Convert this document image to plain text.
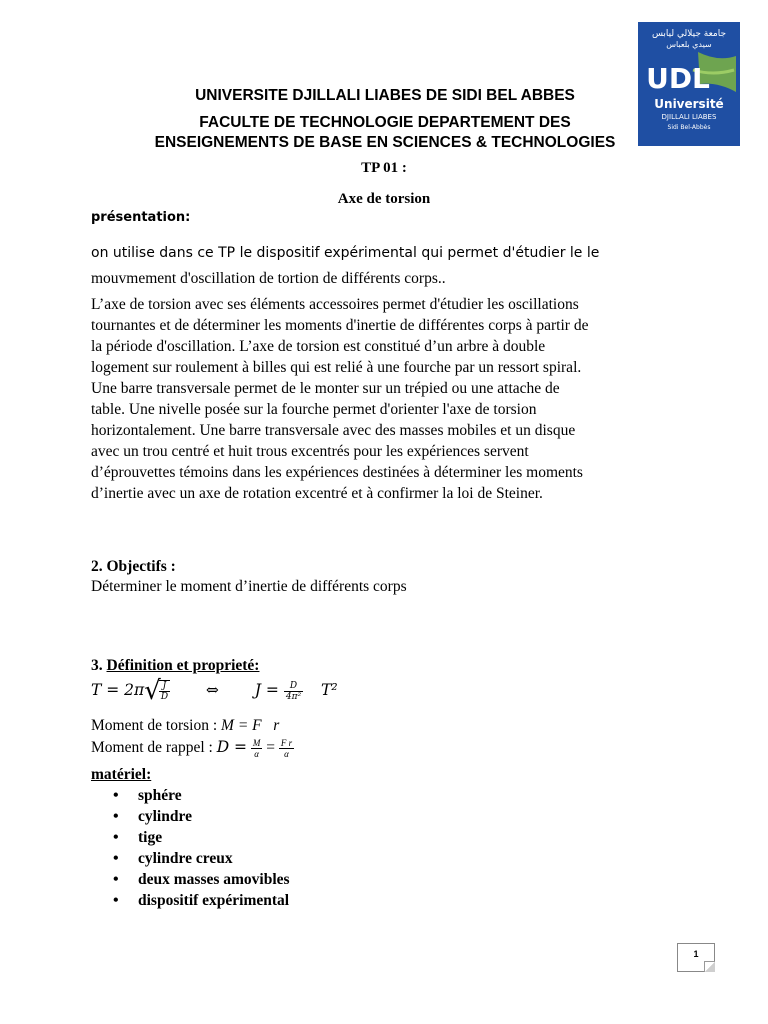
UNIVERSITE DJILLALI LIABES DE SIDI BEL ABBES
FACULTE DE TECHNOLOGIE DEPARTEMENT DES
ENSEIGNEMENTS DE BASE EN SCIENCES & TECHNOLOGIES
جامعة جيلالي ليابس
سيدي بلعباس
UDL
Université
DJILLALI LIABES
Sidi Bel-Abbès
TP 01 :
Axe de torsion
présentation:
on utilise dans ce TP le dispositif expérimental qui permet d'étudier le le
mouvmement d'oscillation de tortion de différents corps..
L’axe de torsion avec ses éléments accessoires permet d'étudier les oscillations
tournantes et de déterminer les moments d'inertie de différentes corps à partir de
la période d'oscillation. L’axe de torsion est constitué d’un arbre à double
logement sur roulement à billes qui est relié à une fourche par un ressort spiral.
Une barre transversale permet de le monter sur un trépied ou une attache de
table. Une nivelle posée sur la fourche permet d'orienter l'axe de torsion
horizontalement. Une barre transversale avec des masses mobiles et un disque
avec un trou centré et huit trous excentrés pour les expériences servent
d’éprouvettes témoins dans les expériences destinées à déterminer les moments
d’inertie avec un axe de rotation excentré et à confirmer la loi de Steiner.
2. Objectifs :
Déterminer le moment d’inertie de différents corps
3. Définition et proprieté:
T = 2π√
$\frac{J}{D}$ ⇔ $J = \frac{D}{\text{4π²}} T^2$
Moment de torsion : M = F   r
Moment de rappel : $D = \frac{M}{\alpha} = \frac{\text{F r}}{\alpha}$
matériel:
• sphére
• cylindre
• tige
• cylindre creux
• deux masses amovibles
• dispositif expérimental
1
